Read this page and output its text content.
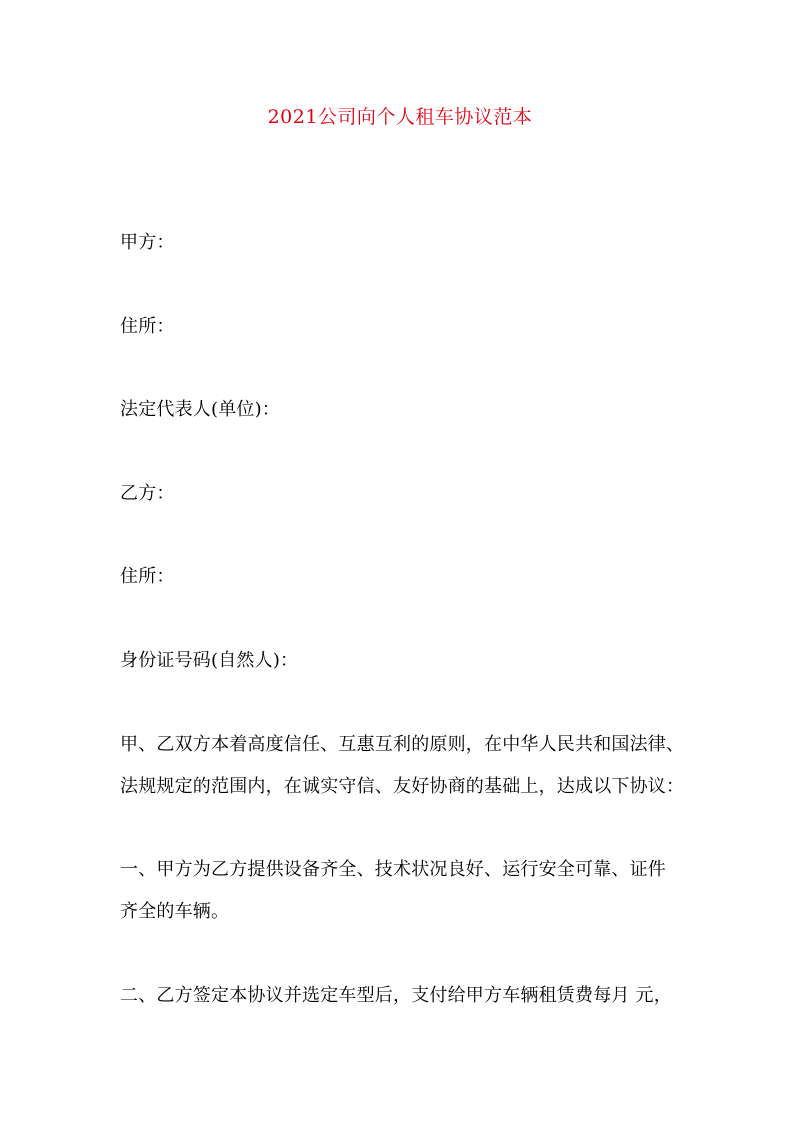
2021公司向个人租车协议范本
甲方：
住所：
法定代表人(单位)：
乙方：
住所：
身份证号码(自然人)：
甲、乙双方本着高度信任、互惠互利的原则，在中华人民共和国法律、
法规规定的范围内，在诚实守信、友好协商的基础上，达成以下协议：
一、甲方为乙方提供设备齐全、技术状况良好、运行安全可靠、证件
齐全的车辆。
二、乙方签定本协议并选定车型后，支付给甲方车辆租赁费每月 元，
